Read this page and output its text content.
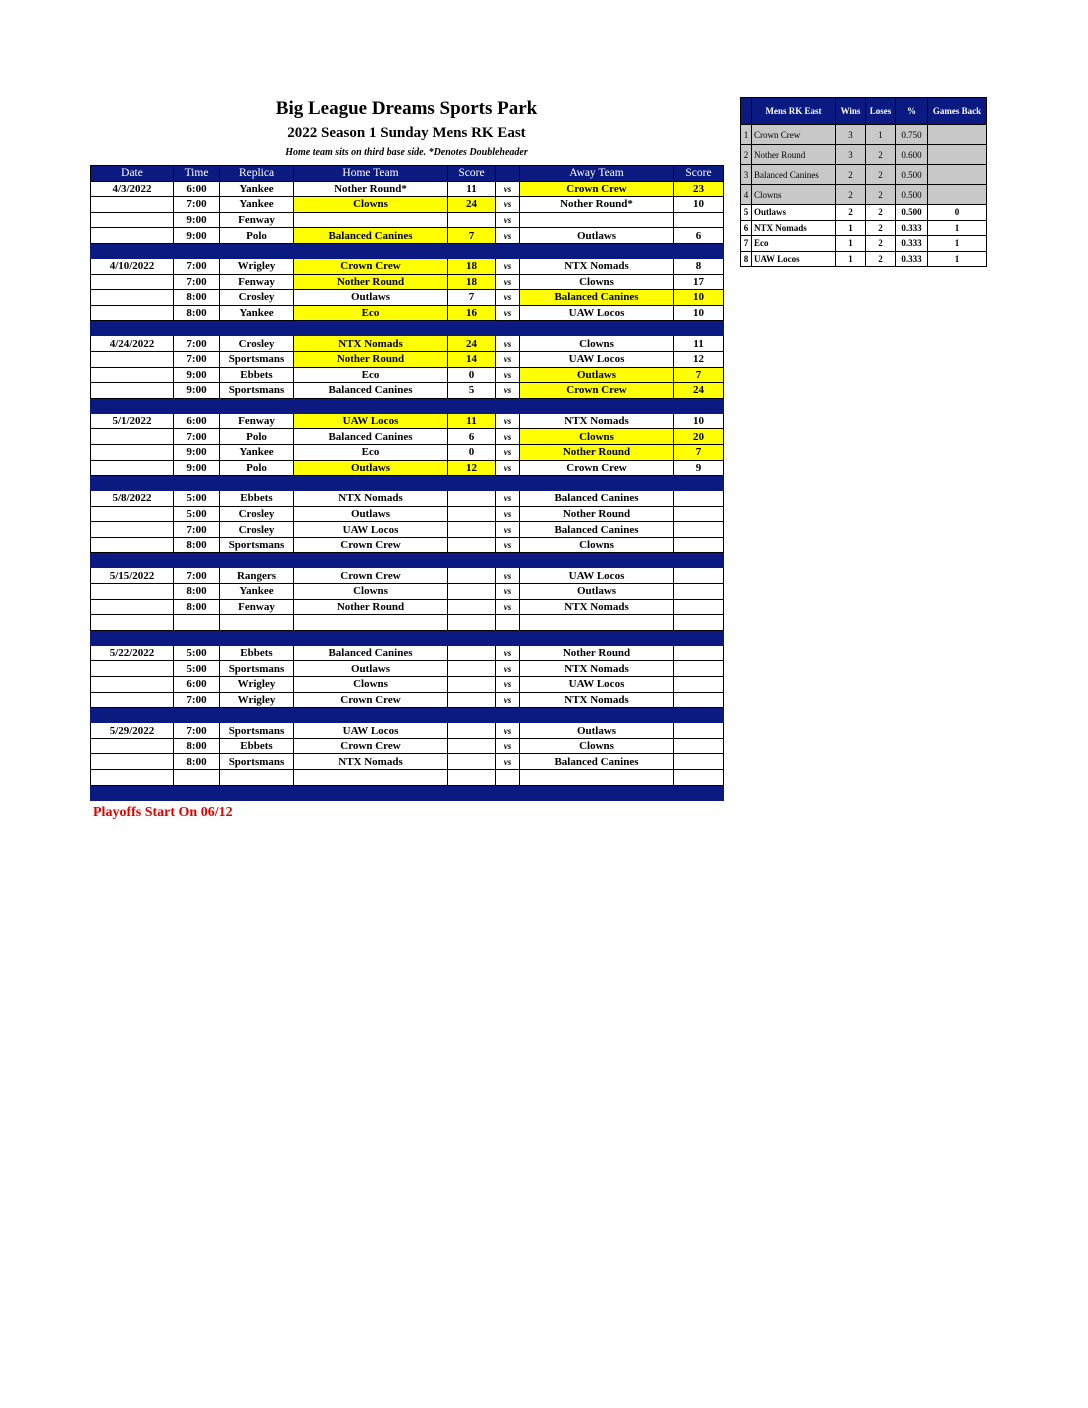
Big League Dreams Sports Park
2022 Season 1 Sunday Mens RK East
Home team sits on third base side. *Denotes Doubleheader
Date	Time	Replica	Home Team	Score		Away Team	Score
4/3/2022	6:00	Yankee	Nother Round*	11	vs	Crown Crew	23
	7:00	Yankee	Clowns	24	vs	Nother Round*	10
	9:00	Fenway			vs		
	9:00	Polo	Balanced Canines	7	vs	Outlaws	6

4/10/2022	7:00	Wrigley	Crown Crew	18	vs	NTX Nomads	8
	7:00	Fenway	Nother Round	18	vs	Clowns	17
	8:00	Crosley	Outlaws	7	vs	Balanced Canines	10
	8:00	Yankee	Eco	16	vs	UAW Locos	10

4/24/2022	7:00	Crosley	NTX Nomads	24	vs	Clowns	11
	7:00	Sportsmans	Nother Round	14	vs	UAW Locos	12
	9:00	Ebbets	Eco	0	vs	Outlaws	7
	9:00	Sportsmans	Balanced Canines	5	vs	Crown Crew	24

5/1/2022	6:00	Fenway	UAW Locos	11	vs	NTX Nomads	10
	7:00	Polo	Balanced Canines	6	vs	Clowns	20
	9:00	Yankee	Eco	0	vs	Nother Round	7
	9:00	Polo	Outlaws	12	vs	Crown Crew	9

5/8/2022	5:00	Ebbets	NTX Nomads		vs	Balanced Canines	
	5:00	Crosley	Outlaws		vs	Nother Round	
	7:00	Crosley	UAW Locos		vs	Balanced Canines	
	8:00	Sportsmans	Crown Crew		vs	Clowns	

5/15/2022	7:00	Rangers	Crown Crew		vs	UAW Locos	
	8:00	Yankee	Clowns		vs	Outlaws	
	8:00	Fenway	Nother Round		vs	NTX Nomads	

5/22/2022	5:00	Ebbets	Balanced Canines		vs	Nother Round	
	5:00	Sportsmans	Outlaws		vs	NTX Nomads	
	6:00	Wrigley	Clowns		vs	UAW Locos	
	7:00	Wrigley	Crown Crew		vs	NTX Nomads	

5/29/2022	7:00	Sportsmans	UAW Locos		vs	Outlaws	
	8:00	Ebbets	Crown Crew		vs	Clowns	
	8:00	Sportsmans	NTX Nomads		vs	Balanced Canines	

Playoffs Start On 06/12
	Mens RK East	Wins	Loses	%	Games Back
1	Crown Crew	3	1	0.750	
2	Nother Round	3	2	0.600	
3	Balanced Canines	2	2	0.500	
4	Clowns	2	2	0.500	
5	Outlaws	2	2	0.500	0
6	NTX Nomads	1	2	0.333	1
7	Eco	1	2	0.333	1
8	UAW Locos	1	2	0.333	1
